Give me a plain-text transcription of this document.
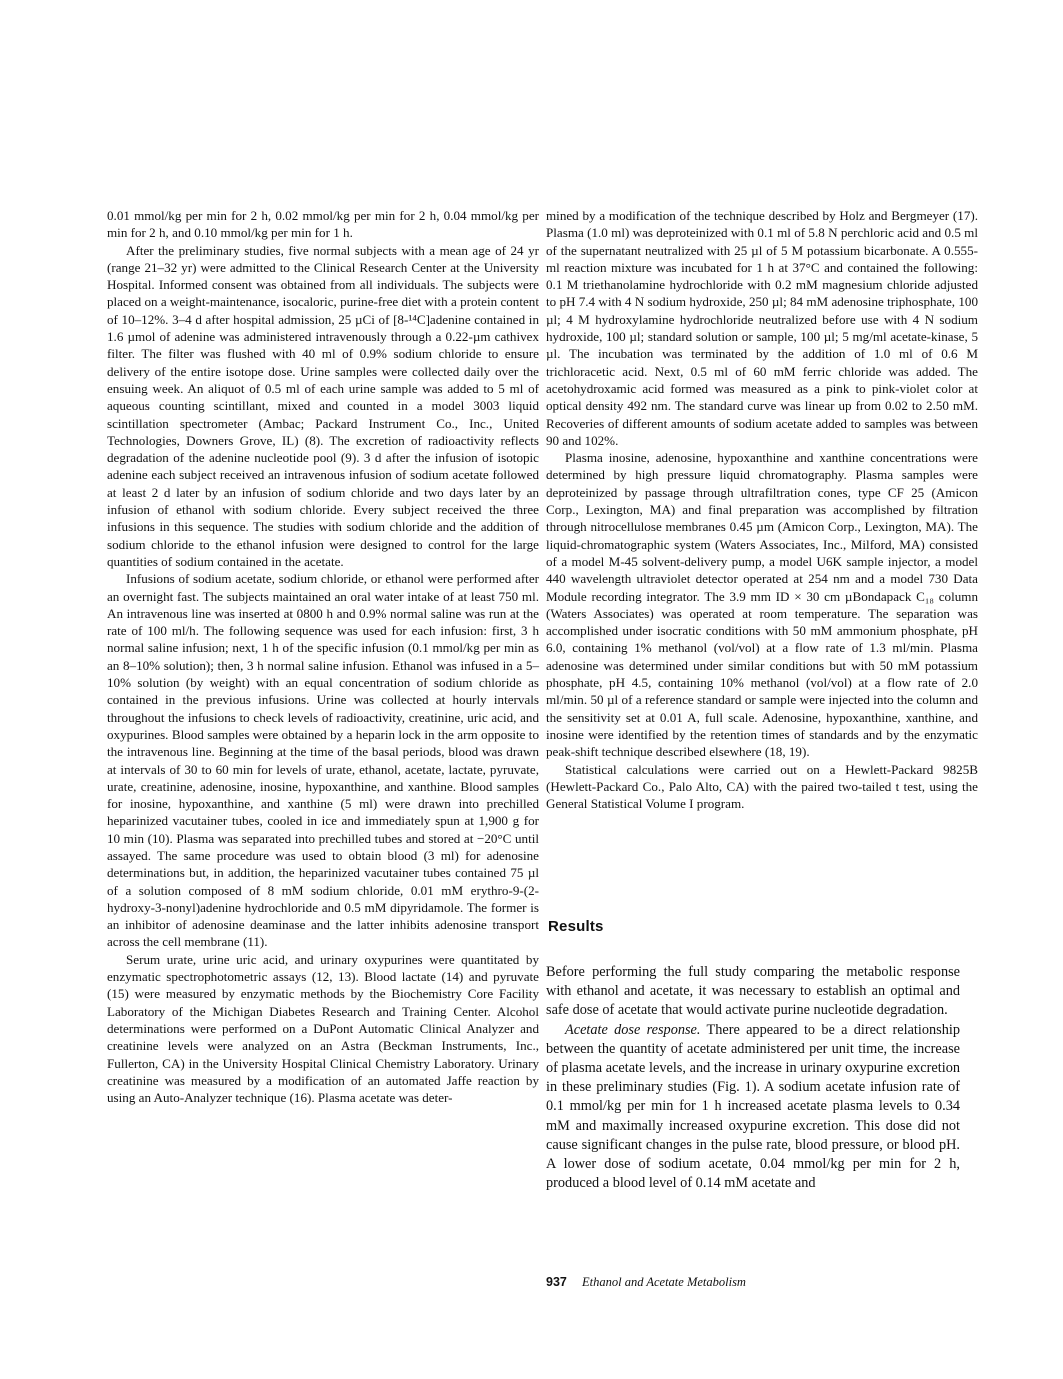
0.01 mmol/kg per min for 2 h, 0.02 mmol/kg per min for 2 h, 0.04 mmol/kg per min for 2 h, and 0.10 mmol/kg per min for 1 h.

After the preliminary studies, five normal subjects with a mean age of 24 yr (range 21–32 yr) were admitted to the Clinical Research Center at the University Hospital. Informed consent was obtained from all individuals. The subjects were placed on a weight-maintenance, isocaloric, purine-free diet with a protein content of 10–12%. 3–4 d after hospital admission, 25 µCi of [8-¹⁴C]adenine contained in 1.6 µmol of adenine was administered intravenously through a 0.22-µm cathivex filter. The filter was flushed with 40 ml of 0.9% sodium chloride to ensure delivery of the entire isotope dose. Urine samples were collected daily over the ensuing week. An aliquot of 0.5 ml of each urine sample was added to 5 ml of aqueous counting scintillant, mixed and counted in a model 3003 liquid scintillation spectrometer (Ambac; Packard Instrument Co., Inc., United Technologies, Downers Grove, IL) (8). The excretion of radioactivity reflects degradation of the adenine nucleotide pool (9). 3 d after the infusion of isotopic adenine each subject received an intravenous infusion of sodium acetate followed at least 2 d later by an infusion of sodium chloride and two days later by an infusion of ethanol with sodium chloride. Every subject received the three infusions in this sequence. The studies with sodium chloride and the addition of sodium chloride to the ethanol infusion were designed to control for the large quantities of sodium contained in the acetate.

Infusions of sodium acetate, sodium chloride, or ethanol were performed after an overnight fast. The subjects maintained an oral water intake of at least 750 ml. An intravenous line was inserted at 0800 h and 0.9% normal saline was run at the rate of 100 ml/h. The following sequence was used for each infusion: first, 3 h normal saline infusion; next, 1 h of the specific infusion (0.1 mmol/kg per min as an 8–10% solution); then, 3 h normal saline infusion. Ethanol was infused in a 5–10% solution (by weight) with an equal concentration of sodium chloride as contained in the previous infusions. Urine was collected at hourly intervals throughout the infusions to check levels of radioactivity, creatinine, uric acid, and oxypurines. Blood samples were obtained by a heparin lock in the arm opposite to the intravenous line. Beginning at the time of the basal periods, blood was drawn at intervals of 30 to 60 min for levels of urate, ethanol, acetate, lactate, pyruvate, urate, creatinine, adenosine, inosine, hypoxanthine, and xanthine. Blood samples for inosine, hypoxanthine, and xanthine (5 ml) were drawn into prechilled heparinized vacutainer tubes, cooled in ice and immediately spun at 1,900 g for 10 min (10). Plasma was separated into prechilled tubes and stored at −20°C until assayed. The same procedure was used to obtain blood (3 ml) for adenosine determinations but, in addition, the heparinized vacutainer tubes contained 75 µl of a solution composed of 8 mM sodium chloride, 0.01 mM erythro-9-(2-hydroxy-3-nonyl)adenine hydrochloride and 0.5 mM dipyridamole. The former is an inhibitor of adenosine deaminase and the latter inhibits adenosine transport across the cell membrane (11).

Serum urate, urine uric acid, and urinary oxypurines were quantitated by enzymatic spectrophotometric assays (12, 13). Blood lactate (14) and pyruvate (15) were measured by enzymatic methods by the Biochemistry Core Facility Laboratory of the Michigan Diabetes Research and Training Center. Alcohol determinations were performed on a DuPont Automatic Clinical Analyzer and creatinine levels were analyzed on an Astra (Beckman Instruments, Inc., Fullerton, CA) in the University Hospital Clinical Chemistry Laboratory. Urinary creatinine was measured by a modification of an automated Jaffe reaction by using an Auto-Analyzer technique (16). Plasma acetate was deter-

mined by a modification of the technique described by Holz and Bergmeyer (17). Plasma (1.0 ml) was deproteinized with 0.1 ml of 5.8 N perchloric acid and 0.5 ml of the supernatant neutralized with 25 µl of 5 M potassium bicarbonate. A 0.555-ml reaction mixture was incubated for 1 h at 37°C and contained the following: 0.1 M triethanolamine hydrochloride with 0.2 mM magnesium chloride adjusted to pH 7.4 with 4 N sodium hydroxide, 250 µl; 84 mM adenosine triphosphate, 100 µl; 4 M hydroxylamine hydrochloride neutralized before use with 4 N sodium hydroxide, 100 µl; standard solution or sample, 100 µl; 5 mg/ml acetate-kinase, 5 µl. The incubation was terminated by the addition of 1.0 ml of 0.6 M trichloracetic acid. Next, 0.5 ml of 60 mM ferric chloride was added. The acetohydroxamic acid formed was measured as a pink to pink-violet color at optical density 492 nm. The standard curve was linear up from 0.02 to 2.50 mM. Recoveries of different amounts of sodium acetate added to samples was between 90 and 102%.

Plasma inosine, adenosine, hypoxanthine and xanthine concentrations were determined by high pressure liquid chromatography. Plasma samples were deproteinized by passage through ultrafiltration cones, type CF 25 (Amicon Corp., Lexington, MA) and final preparation was accomplished by filtration through nitrocellulose membranes 0.45 µm (Amicon Corp., Lexington, MA). The liquid-chromatographic system (Waters Associates, Inc., Milford, MA) consisted of a model M-45 solvent-delivery pump, a model U6K sample injector, a model 440 wavelength ultraviolet detector operated at 254 nm and a model 730 Data Module recording integrator. The 3.9 mm ID × 30 cm µBondapack C₁₈ column (Waters Associates) was operated at room temperature. The separation was accomplished under isocratic conditions with 50 mM ammonium phosphate, pH 6.0, containing 1% methanol (vol/vol) at a flow rate of 1.3 ml/min. Plasma adenosine was determined under similar conditions but with 50 mM potassium phosphate, pH 4.5, containing 10% methanol (vol/vol) at a flow rate of 2.0 ml/min. 50 µl of a reference standard or sample were injected into the column and the sensitivity set at 0.01 A, full scale. Adenosine, hypoxanthine, xanthine, and inosine were identified by the retention times of standards and by the enzymatic peak-shift technique described elsewhere (18, 19).

Statistical calculations were carried out on a Hewlett-Packard 9825B (Hewlett-Packard Co., Palo Alto, CA) with the paired two-tailed t test, using the General Statistical Volume I program.

Results

Before performing the full study comparing the metabolic response with ethanol and acetate, it was necessary to establish an optimal and safe dose of acetate that would activate purine nucleotide degradation.

Acetate dose response. There appeared to be a direct relationship between the quantity of acetate administered per unit time, the increase of plasma acetate levels, and the increase in urinary oxypurine excretion in these preliminary studies (Fig. 1). A sodium acetate infusion rate of 0.1 mmol/kg per min for 1 h increased acetate plasma levels to 0.34 mM and maximally increased oxypurine excretion. This dose did not cause significant changes in the pulse rate, blood pressure, or blood pH. A lower dose of sodium acetate, 0.04 mmol/kg per min for 2 h, produced a blood level of 0.14 mM acetate and

937 Ethanol and Acetate Metabolism
